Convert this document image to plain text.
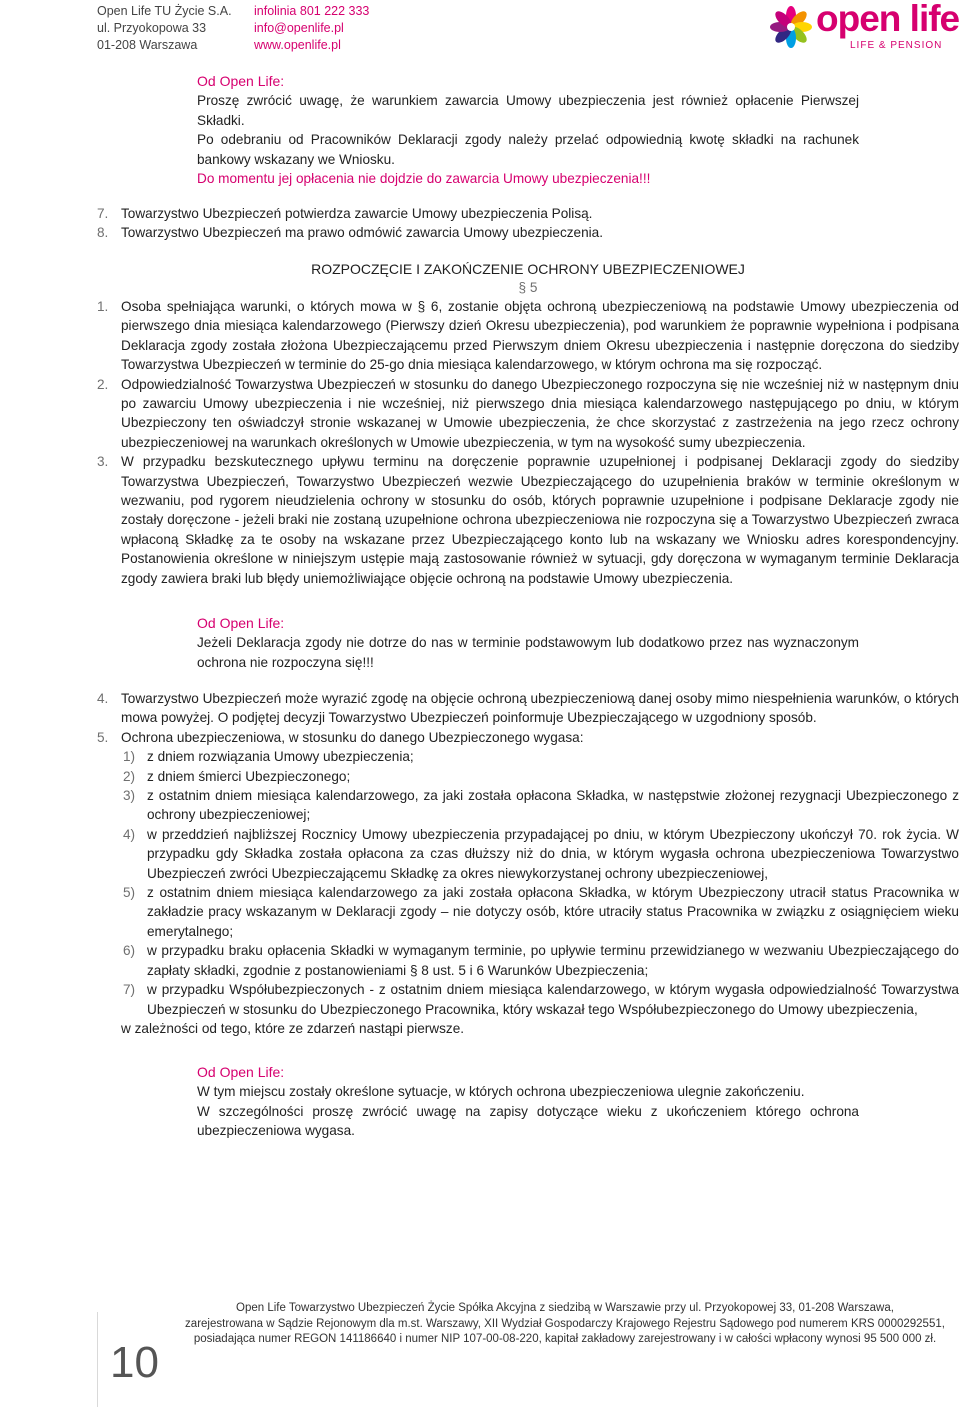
Open Life TU Życie S.A.
ul. Przyokopowa 33
01-208 Warszawa
infolinia 801 222 333
info@openlife.pl
www.openlife.pl
open life
LIFE & PENSION

Od Open Life:

Proszę zwrócić uwagę, że warunkiem zawarcia Umowy ubezpieczenia jest również opłacenie Pierwszej Składki.

Po odebraniu od Pracowników Deklaracji zgody należy przelać odpowiednią kwotę składki na rachunek bankowy wskazany we Wniosku.

Do momentu jej opłacenia nie dojdzie do zawarcia Umowy ubezpieczenia!!!

7. Towarzystwo Ubezpieczeń potwierdza zawarcie Umowy ubezpieczenia Polisą.

8. Towarzystwo Ubezpieczeń ma prawo odmówić zawarcia Umowy ubezpieczenia.

ROZPOCZĘCIE I ZAKOŃCZENIE OCHRONY UBEZPIECZENIOWEJ
§ 5

1. Osoba spełniająca warunki, o których mowa w § 6, zostanie objęta ochroną ubezpieczeniową na podstawie Umowy ubezpieczenia od pierwszego dnia miesiąca kalendarzowego (Pierwszy dzień Okresu ubezpieczenia), pod warunkiem że poprawnie wypełniona i podpisana Deklaracja zgody została złożona Ubezpieczającemu przed Pierwszym dniem Okresu ubezpieczenia i następnie doręczona do siedziby Towarzystwa Ubezpieczeń w terminie do 25-go dnia miesiąca kalendarzowego, w którym ochrona ma się rozpocząć.

2. Odpowiedzialność Towarzystwa Ubezpieczeń w stosunku do danego Ubezpieczonego rozpoczyna się nie wcześniej niż w następnym dniu po zawarciu Umowy ubezpieczenia i nie wcześniej, niż pierwszego dnia miesiąca kalendarzowego następującego po dniu, w którym Ubezpieczony ten oświadczył stronie wskazanej w Umowie ubezpieczenia, że chce skorzystać z zastrzeżenia na jego rzecz ochrony ubezpieczeniowej na warunkach określonych w Umowie ubezpieczenia, w tym na wysokość sumy ubezpieczenia.

3. W przypadku bezskutecznego upływu terminu na doręczenie poprawnie uzupełnionej i podpisanej Deklaracji zgody do siedziby Towarzystwa Ubezpieczeń, Towarzystwo Ubezpieczeń wezwie Ubezpieczającego do uzupełnienia braków w terminie określonym w wezwaniu, pod rygorem nieudzielenia ochrony w stosunku do osób, których poprawnie uzupełnione i podpisane Deklaracje zgody nie zostały doręczone - jeżeli braki nie zostaną uzupełnione ochrona ubezpieczeniowa nie rozpoczyna się a Towarzystwo Ubezpieczeń zwraca wpłaconą Składkę za te osoby na wskazane przez Ubezpieczającego konto lub na wskazany we Wniosku adres korespondencyjny. Postanowienia określone w niniejszym ustępie mają zastosowanie również w sytuacji, gdy doręczona w wymaganym terminie Deklaracja zgody zawiera braki lub błędy uniemożliwiające objęcie ochroną na podstawie Umowy ubezpieczenia.

Od Open Life:

Jeżeli Deklaracja zgody nie dotrze do nas w terminie podstawowym lub dodatkowo przez nas wyznaczonym ochrona nie rozpoczyna się!!!

4. Towarzystwo Ubezpieczeń może wyrazić zgodę na objęcie ochroną ubezpieczeniową danej osoby mimo niespełnienia warunków, o których mowa powyżej. O podjętej decyzji Towarzystwo Ubezpieczeń poinformuje Ubezpieczającego w uzgodniony sposób.

5. Ochrona ubezpieczeniowa, w stosunku do danego Ubezpieczonego wygasa:

1) z dniem rozwiązania Umowy ubezpieczenia;

2) z dniem śmierci Ubezpieczonego;

3) z ostatnim dniem miesiąca kalendarzowego, za jaki została opłacona Składka, w następstwie złożonej rezygnacji Ubezpieczonego z ochrony ubezpieczeniowej;

4) w przeddzień najbliższej Rocznicy Umowy ubezpieczenia przypadającej po dniu, w którym Ubezpieczony ukończył 70. rok życia. W przypadku gdy Składka została opłacona za czas dłuższy niż do dnia, w którym wygasła ochrona ubezpieczeniowa Towarzystwo Ubezpieczeń zwróci Ubezpieczającemu Składkę za okres niewykorzystanej ochrony ubezpieczeniowej,

5) z ostatnim dniem miesiąca kalendarzowego za jaki została opłacona Składka, w którym Ubezpieczony utracił status Pracownika w zakładzie pracy wskazanym w Deklaracji zgody – nie dotyczy osób, które utraciły status Pracownika w związku z osiągnięciem wieku emerytalnego;

6) w przypadku braku opłacenia Składki w wymaganym terminie, po upływie terminu przewidzianego w wezwaniu Ubezpieczającego do zapłaty składki, zgodnie z postanowieniami § 8 ust. 5 i 6 Warunków Ubezpieczenia;

7) w przypadku Współubezpieczonych - z ostatnim dniem miesiąca kalendarzowego, w którym wygasła odpowiedzialność Towarzystwa Ubezpieczeń w stosunku do Ubezpieczonego Pracownika, który wskazał tego Współubezpieczonego do Umowy ubezpieczenia,

w zależności od tego, które ze zdarzeń nastąpi pierwsze.

Od Open Life:

W tym miejscu zostały określone sytuacje, w których ochrona ubezpieczeniowa ulegnie zakończeniu.

W szczególności proszę zwrócić uwagę na zapisy dotyczące wieku z ukończeniem którego ochrona ubezpieczeniowa wygasa.

10
Open Life Towarzystwo Ubezpieczeń Życie Spółka Akcyjna z siedzibą w Warszawie przy ul. Przyokopowej 33, 01-208 Warszawa,
zarejestrowana w Sądzie Rejonowym dla m.st. Warszawy, XII Wydział Gospodarczy Krajowego Rejestru Sądowego pod numerem KRS 0000292551,
posiadająca numer REGON 141186640 i numer NIP 107-00-08-220, kapitał zakładowy zarejestrowany i w całości wpłacony wynosi 95 500 000 zł.
